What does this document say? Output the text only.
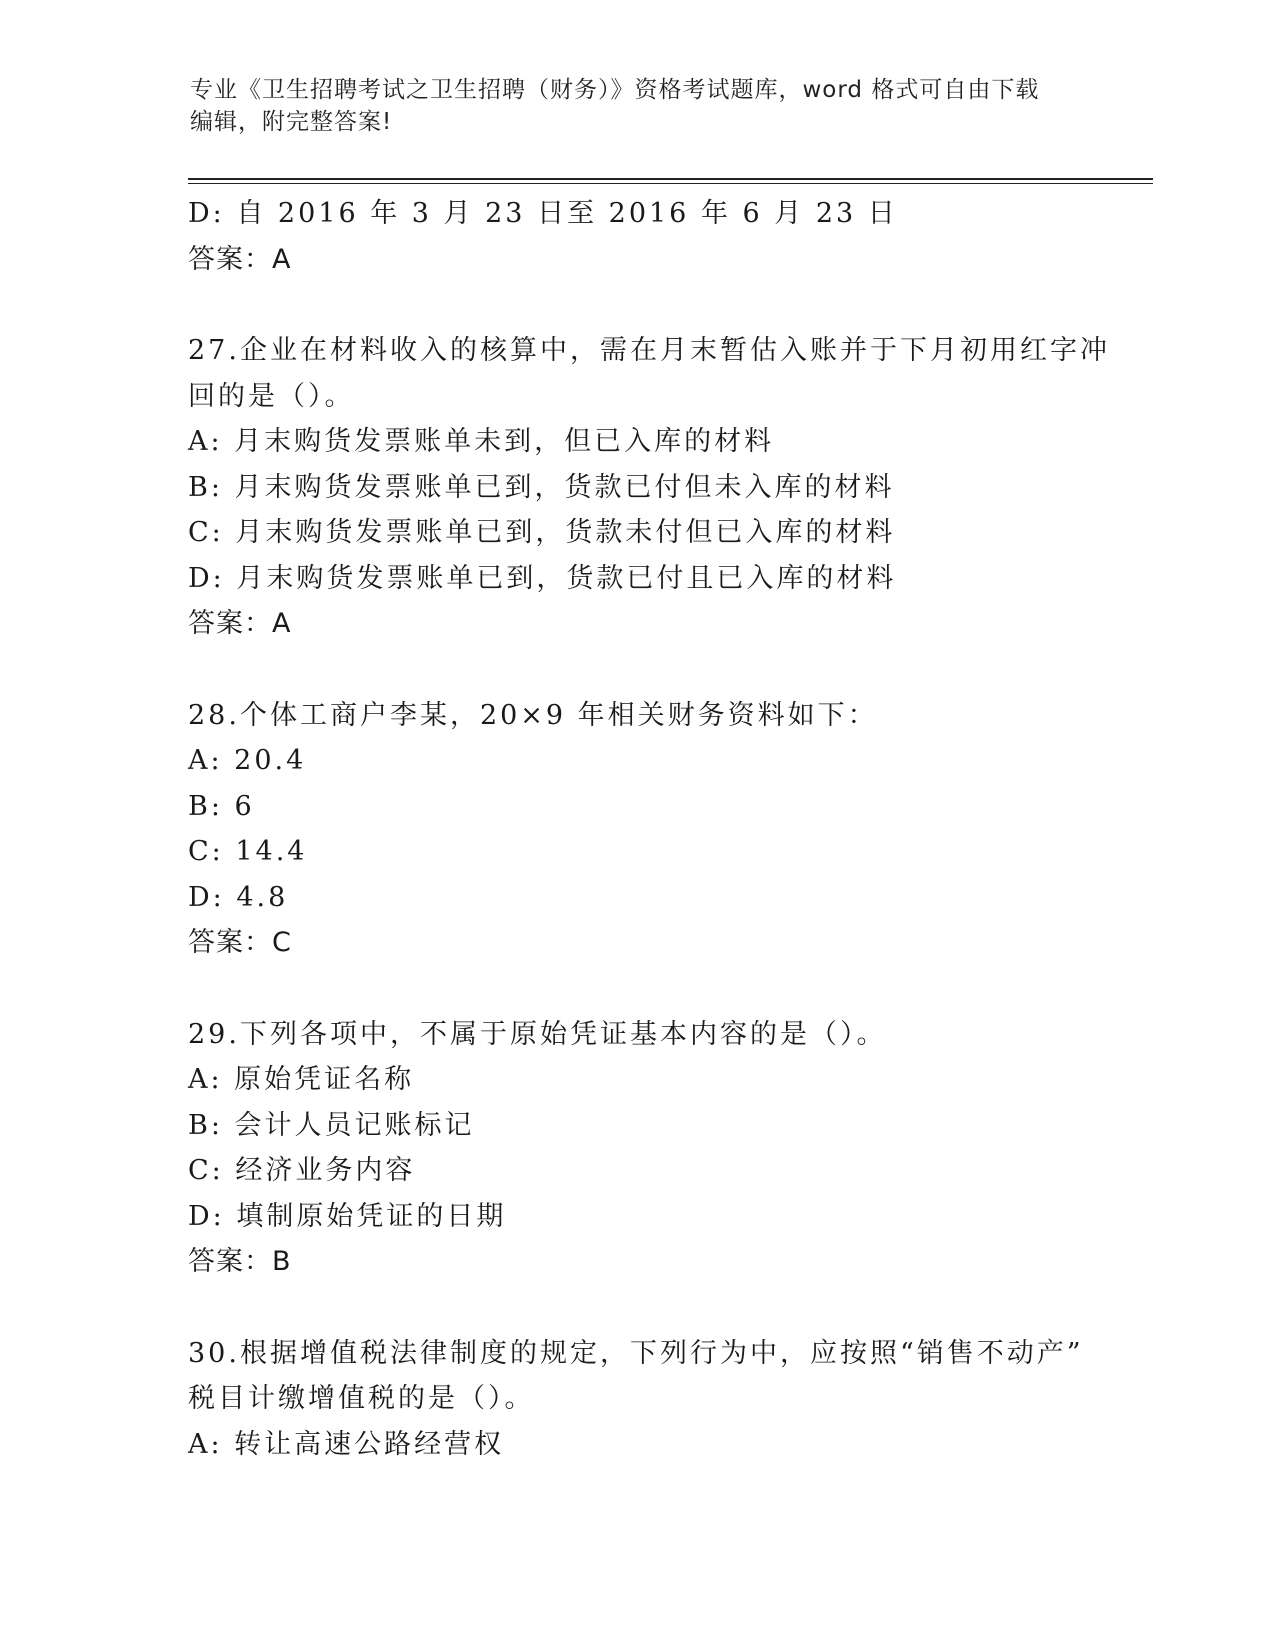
专业《卫生招聘考试之卫生招聘（财务）》资格考试题库，word 格式可自由下载
编辑，附完整答案!
D: 自 2016 年 3 月 23 日至 2016 年 6 月 23 日
答案：A
27.企业在材料收入的核算中，需在月末暂估入账并于下月初用红字冲
回的是（）。
A: 月末购货发票账单未到，但已入库的材料
B: 月末购货发票账单已到，货款已付但未入库的材料
C: 月末购货发票账单已到，货款未付但已入库的材料
D: 月末购货发票账单已到，货款已付且已入库的材料
答案：A
28.个体工商户李某，20×9 年相关财务资料如下：
A: 20.4
B: 6
C: 14.4
D: 4.8
答案：C
29.下列各项中，不属于原始凭证基本内容的是（）。
A: 原始凭证名称
B: 会计人员记账标记
C: 经济业务内容
D: 填制原始凭证的日期
答案：B
30.根据增值税法律制度的规定，下列行为中，应按照“销售不动产”
税目计缴增值税的是（）。
A: 转让高速公路经营权
